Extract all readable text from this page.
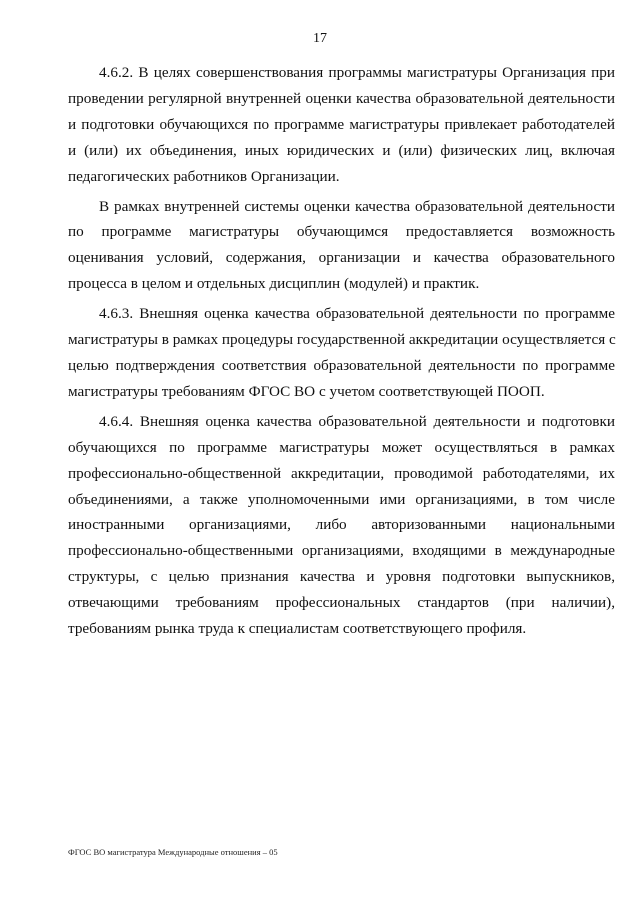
17
4.6.2. В целях совершенствования программы магистратуры Организация при
проведении регулярной внутренней оценки качества образовательной деятельности
и подготовки обучающихся по программе магистратуры привлекает работодателей
и (или) их объединения, иных юридических и (или) физических лиц, включая
педагогических работников Организации.
В рамках внутренней системы оценки качества образовательной деятельности
по программе магистратуры обучающимся предоставляется возможность
оценивания условий, содержания, организации и качества образовательного
процесса в целом и отдельных дисциплин (модулей) и практик.
4.6.3. Внешняя оценка качества образовательной деятельности по программе
магистратуры в рамках процедуры государственной аккредитации осуществляется с
целью подтверждения соответствия образовательной деятельности по программе
магистратуры требованиям ФГОС ВО с учетом соответствующей ПООП.
4.6.4. Внешняя оценка качества образовательной деятельности и подготовки
обучающихся по программе магистратуры может осуществляться в рамках
профессионально-общественной аккредитации, проводимой работодателями, их
объединениями, а также уполномоченными ими организациями, в том числе
иностранными организациями, либо авторизованными национальными
профессионально-общественными организациями, входящими в международные
структуры, с целью признания качества и уровня подготовки выпускников,
отвечающими требованиям профессиональных стандартов (при наличии),
требованиям рынка труда к специалистам соответствующего профиля.
ФГОС ВО магистратура Международные отношения – 05
